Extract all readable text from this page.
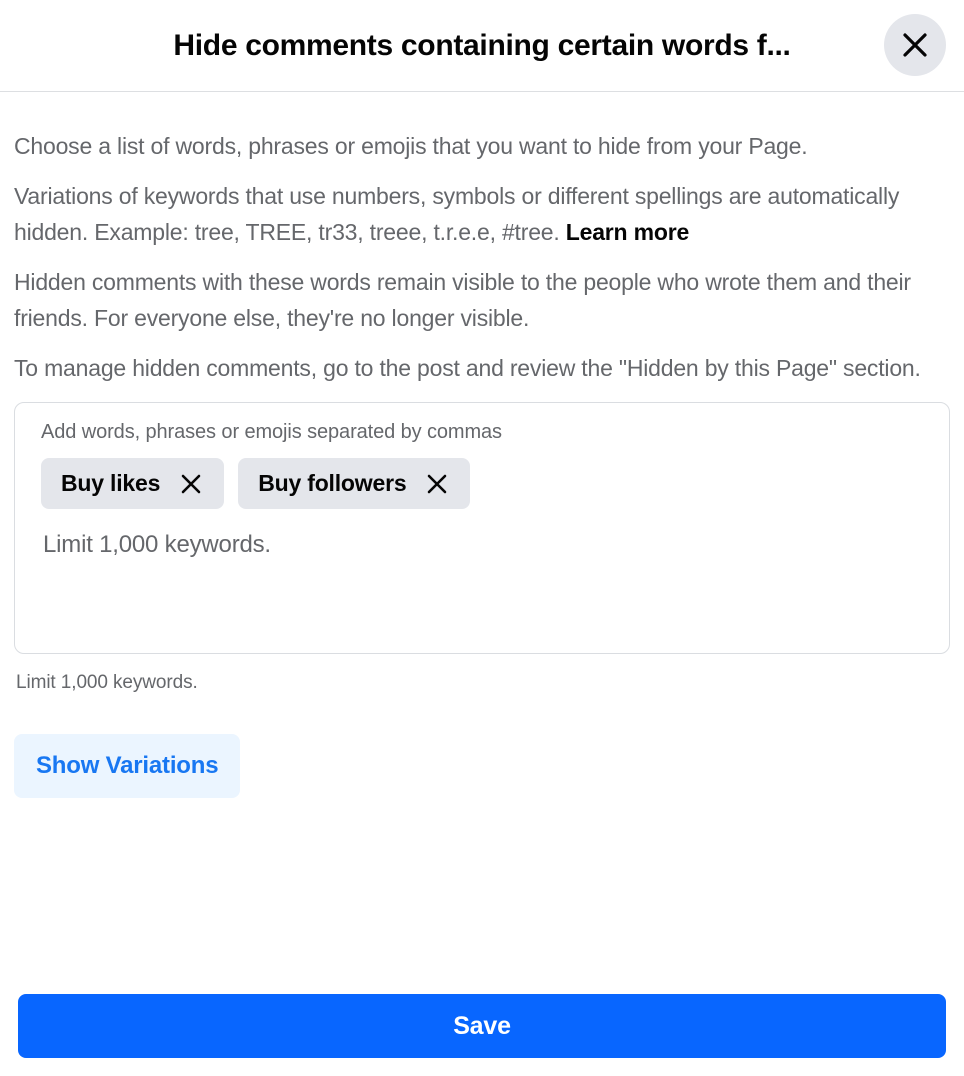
Hide comments containing certain words f...

Choose a list of words, phrases or emojis that you want to hide from your Page.

Variations of keywords that use numbers, symbols or different spellings are automatically hidden. Example: tree, TREE, tr33, treee, t.r.e.e, #tree. Learn more

Hidden comments with these words remain visible to the people who wrote them and their friends. For everyone else, they're no longer visible.

To manage hidden comments, go to the post and review the "Hidden by this Page" section.

Add words, phrases or emojis separated by commas
Buy likes	Buy followers
Limit 1,000 keywords.
Limit 1,000 keywords.
Show Variations
Save
